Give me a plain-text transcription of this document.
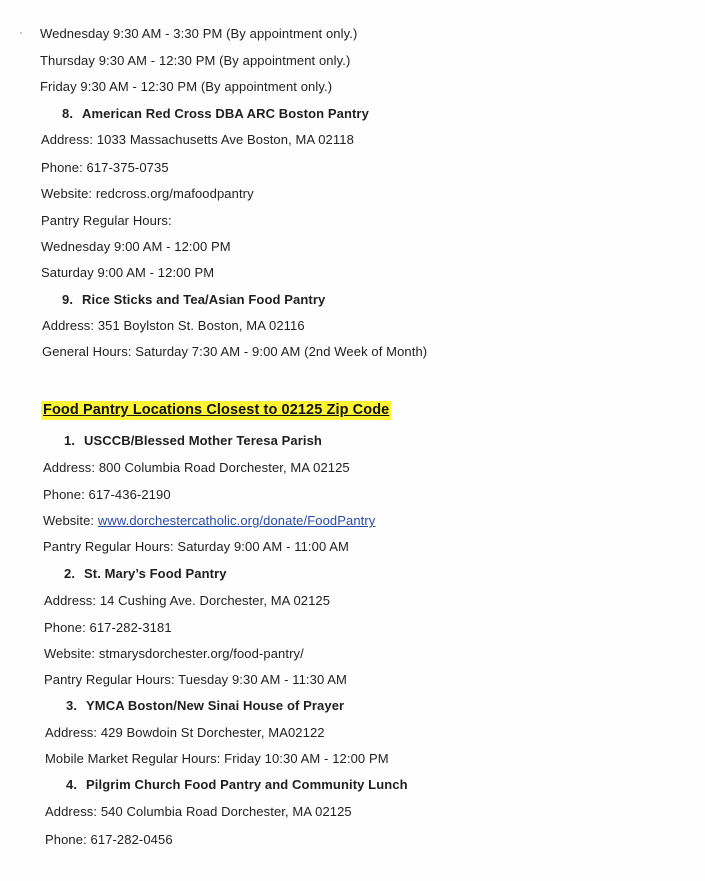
Wednesday 9:30 AM - 3:30 PM (By appointment only.)
Thursday 9:30 AM - 12:30 PM (By appointment only.)
Friday 9:30 AM - 12:30 PM (By appointment only.)
8. American Red Cross DBA ARC Boston Pantry
Address: 1033 Massachusetts Ave Boston, MA 02118
Phone: 617-375-0735
Website: redcross.org/mafoodpantry
Pantry Regular Hours:
Wednesday 9:00 AM - 12:00 PM
Saturday 9:00 AM - 12:00 PM
9. Rice Sticks and Tea/Asian Food Pantry
Address: 351 Boylston St. Boston, MA 02116
General Hours: Saturday 7:30 AM - 9:00 AM (2nd Week of Month)
Food Pantry Locations Closest to 02125 Zip Code
1. USCCB/Blessed Mother Teresa Parish
Address: 800 Columbia Road Dorchester, MA 02125
Phone: 617-436-2190
Website: www.dorchestercatholic.org/donate/FoodPantry
Pantry Regular Hours: Saturday 9:00 AM - 11:00 AM
2. St. Mary’s Food Pantry
Address: 14 Cushing Ave. Dorchester, MA 02125
Phone: 617-282-3181
Website: stmarysdorchester.org/food-pantry/
Pantry Regular Hours: Tuesday 9:30 AM - 11:30 AM
3. YMCA Boston/New Sinai House of Prayer
Address: 429 Bowdoin St Dorchester, MA02122
Mobile Market Regular Hours: Friday 10:30 AM - 12:00 PM
4. Pilgrim Church Food Pantry and Community Lunch
Address: 540 Columbia Road Dorchester, MA 02125
Phone: 617-282-0456
